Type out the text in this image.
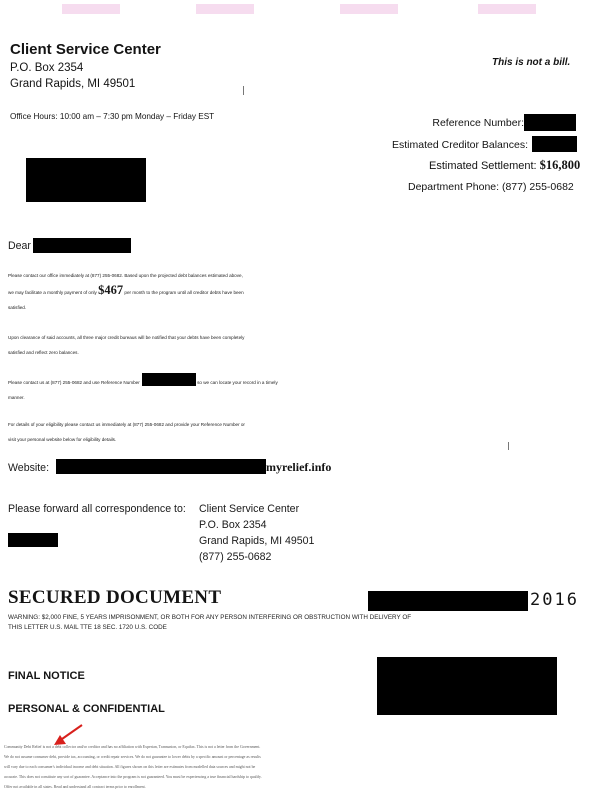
Client Service Center
P.O. Box 2354
Grand Rapids, MI 49501
Office Hours: 10:00 am – 7:30 pm Monday – Friday EST
This is not a bill.
Reference Number:
Estimated Creditor Balances:
Estimated Settlement: $16,800
Department Phone: (877) 255-0682
Dear
Please contact our office immediately at (877) 255-0682. Based upon the projected debt balances estimated above,
we may facilitate a monthly payment of only $467 per month to the program until all creditor debts have been
satisfied.
Upon clearance of said accounts, all three major credit bureaus will be notified that your debts have been completely
satisfied and reflect zero balances.
Please contact us at (877) 255-0682 and use Reference Number	so we can locate your record in a timely
manner.
For details of your eligibility please contact us immediately at (877) 255-0682 and provide your Reference Number or
visit your personal website below for eligibility details.
Website:	myrelief.info
Please forward all correspondence to: Client Service Center
P.O. Box 2354
Grand Rapids, MI 49501
(877) 255-0682
SECURED DOCUMENT	2016
WARNING: $2,000 FINE, 5 YEARS IMPRISONMENT, OR BOTH FOR ANY PERSON INTERFERING OR OBSTRUCTION WITH DELIVERY OF
THIS LETTER U.S. MAIL TTE 18 SEC. 1720 U.S. CODE
FINAL NOTICE
PERSONAL & CONFIDENTIAL
Community Debt Relief is not a debt collector and/or creditor and has no affiliation with Experian, Transunion, or Equifax. This is not a letter from the Government.
We do not assume consumer debt, provide tax, accounting, or credit repair services. We do not guarantee to lower debts by a specific amount or percentage as results
will vary due to each consumer's individual income and debt situation. All figures shown on this letter are estimates from modelled data sources and might not be
accurate. This does not constitute any sort of guarantee. Acceptance into the program is not guaranteed. You must be experiencing a true financial hardship to qualify.
Offer not available in all states. Read and understand all contract terms prior to enrollment.
